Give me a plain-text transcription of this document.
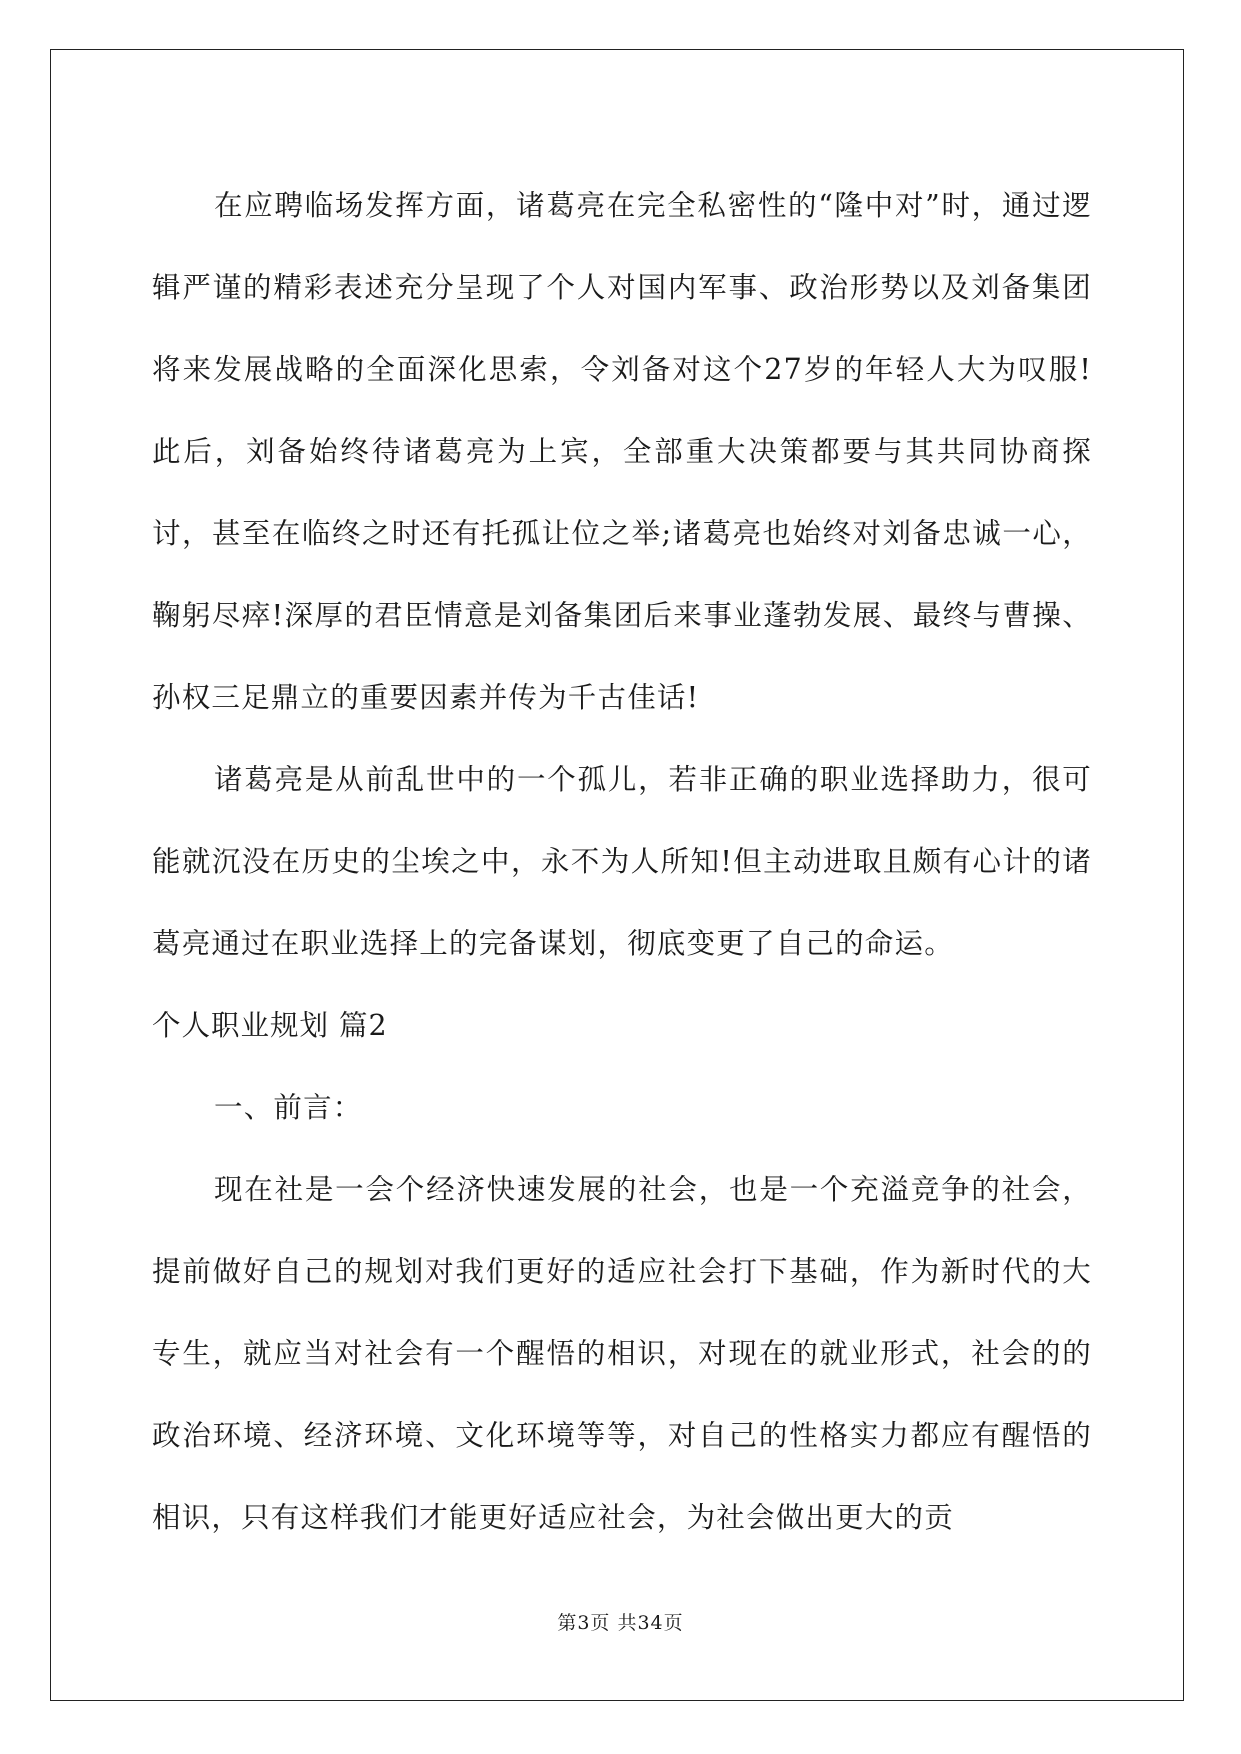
在应聘临场发挥方面，诸葛亮在完全私密性的“隆中对”时，通过逻辑严谨的精彩表述充分呈现了个人对国内军事、政治形势以及刘备集团将来发展战略的全面深化思索，令刘备对这个27岁的年轻人大为叹服!此后，刘备始终待诸葛亮为上宾，全部重大决策都要与其共同协商探讨，甚至在临终之时还有托孤让位之举;诸葛亮也始终对刘备忠诚一心，鞠躬尽瘁!深厚的君臣情意是刘备集团后来事业蓬勃发展、最终与曹操、孙权三足鼎立的重要因素并传为千古佳话!

诸葛亮是从前乱世中的一个孤儿，若非正确的职业选择助力，很可能就沉没在历史的尘埃之中，永不为人所知!但主动进取且颇有心计的诸葛亮通过在职业选择上的完备谋划，彻底变更了自己的命运。

个人职业规划 篇2

一、前言：

现在社是一会个经济快速发展的社会，也是一个充溢竞争的社会，提前做好自己的规划对我们更好的适应社会打下基础，作为新时代的大专生，就应当对社会有一个醒悟的相识，对现在的就业形式，社会的的政治环境、经济环境、文化环境等等，对自己的性格实力都应有醒悟的相识，只有这样我们才能更好适应社会，为社会做出更大的贡

第3页 共34页
